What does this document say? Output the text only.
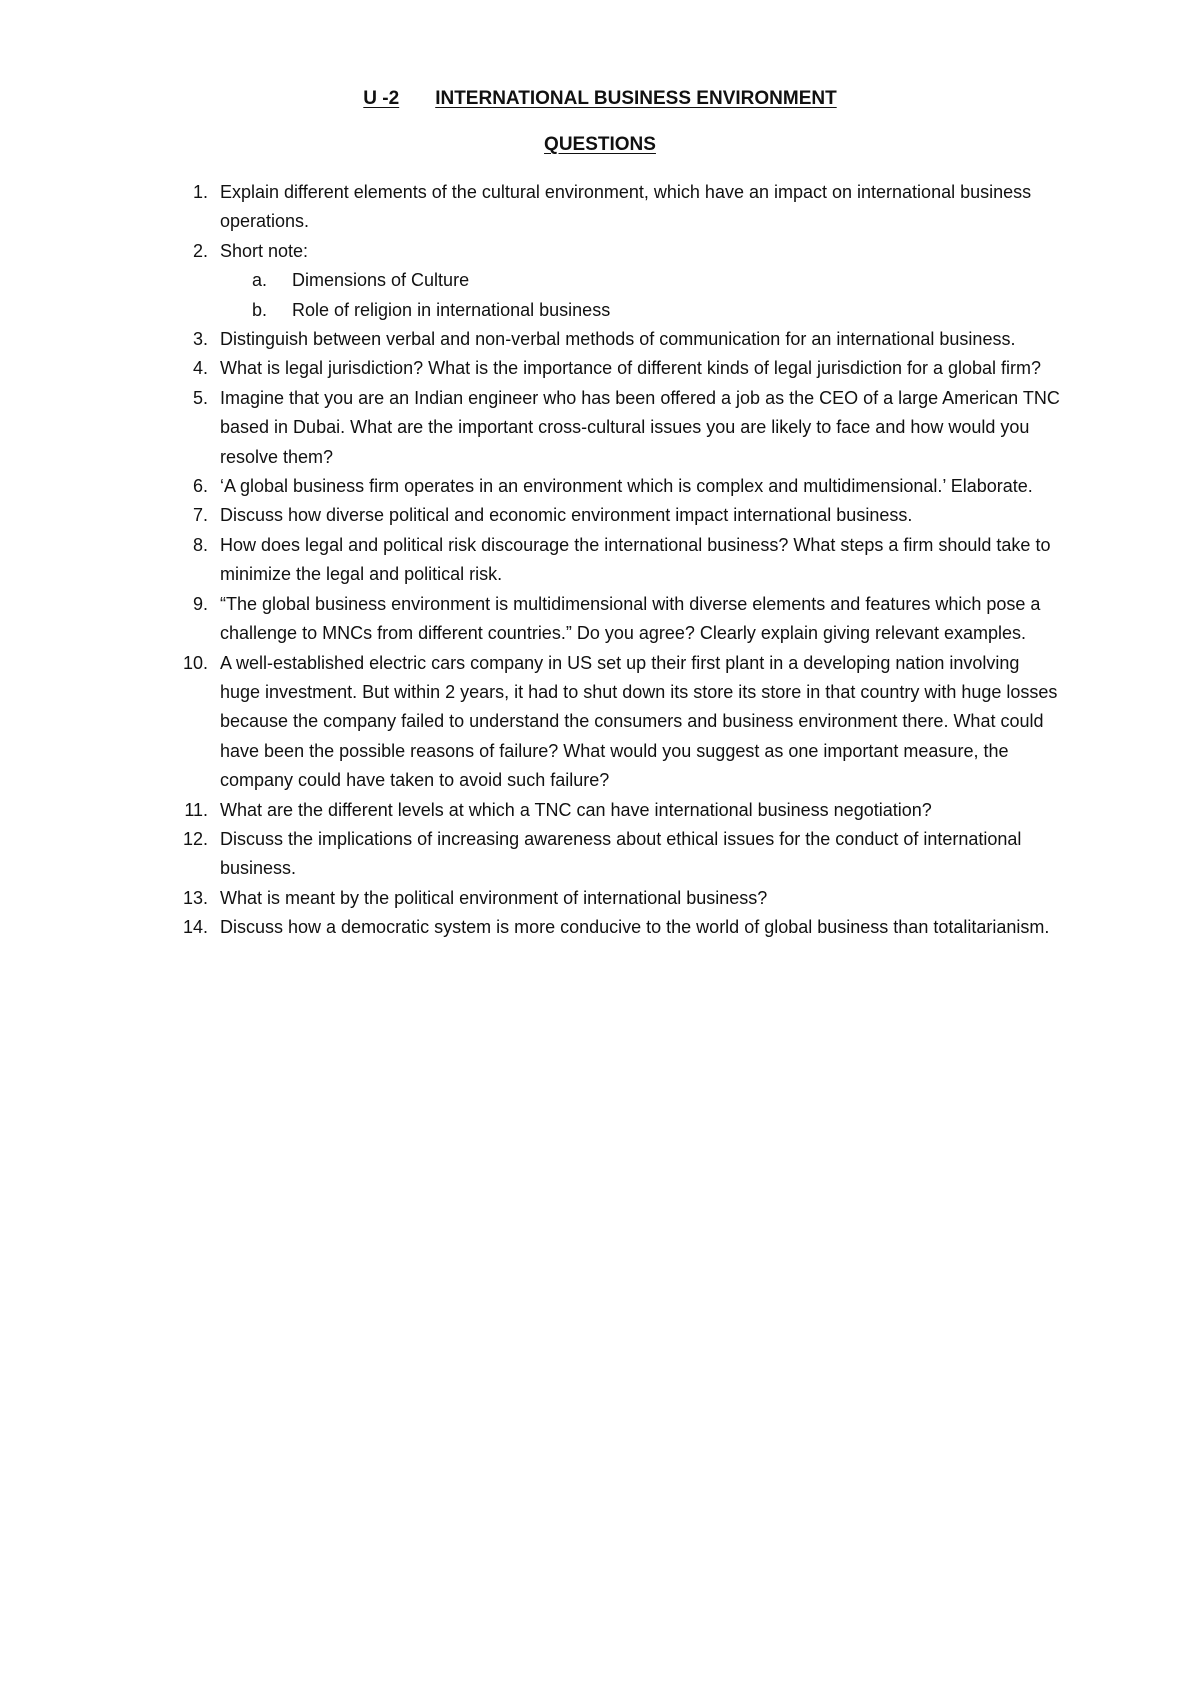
U -2 INTERNATIONAL BUSINESS ENVIRONMENT
QUESTIONS
1. Explain different elements of the cultural environment, which have an impact on international business operations.
2. Short note:
a. Dimensions of Culture
b. Role of religion in international business
3. Distinguish between verbal and non-verbal methods of communication for an international business.
4. What is legal jurisdiction? What is the importance of different kinds of legal jurisdiction for a global firm?
5. Imagine that you are an Indian engineer who has been offered a job as the CEO of a large American TNC based in Dubai. What are the important cross-cultural issues you are likely to face and how would you resolve them?
6. ‘A global business firm operates in an environment which is complex and multidimensional.’ Elaborate.
7. Discuss how diverse political and economic environment impact international business.
8. How does legal and political risk discourage the international business? What steps a firm should take to minimize the legal and political risk.
9. “The global business environment is multidimensional with diverse elements and features which pose a challenge to MNCs from different countries.” Do you agree? Clearly explain giving relevant examples.
10. A well-established electric cars company in US set up their first plant in a developing nation involving huge investment. But within 2 years, it had to shut down its store its store in that country with huge losses because the company failed to understand the consumers and business environment there. What could have been the possible reasons of failure? What would you suggest as one important measure, the company could have taken to avoid such failure?
11. What are the different levels at which a TNC can have international business negotiation?
12. Discuss the implications of increasing awareness about ethical issues for the conduct of international business.
13. What is meant by the political environment of international business?
14. Discuss how a democratic system is more conducive to the world of global business than totalitarianism.
